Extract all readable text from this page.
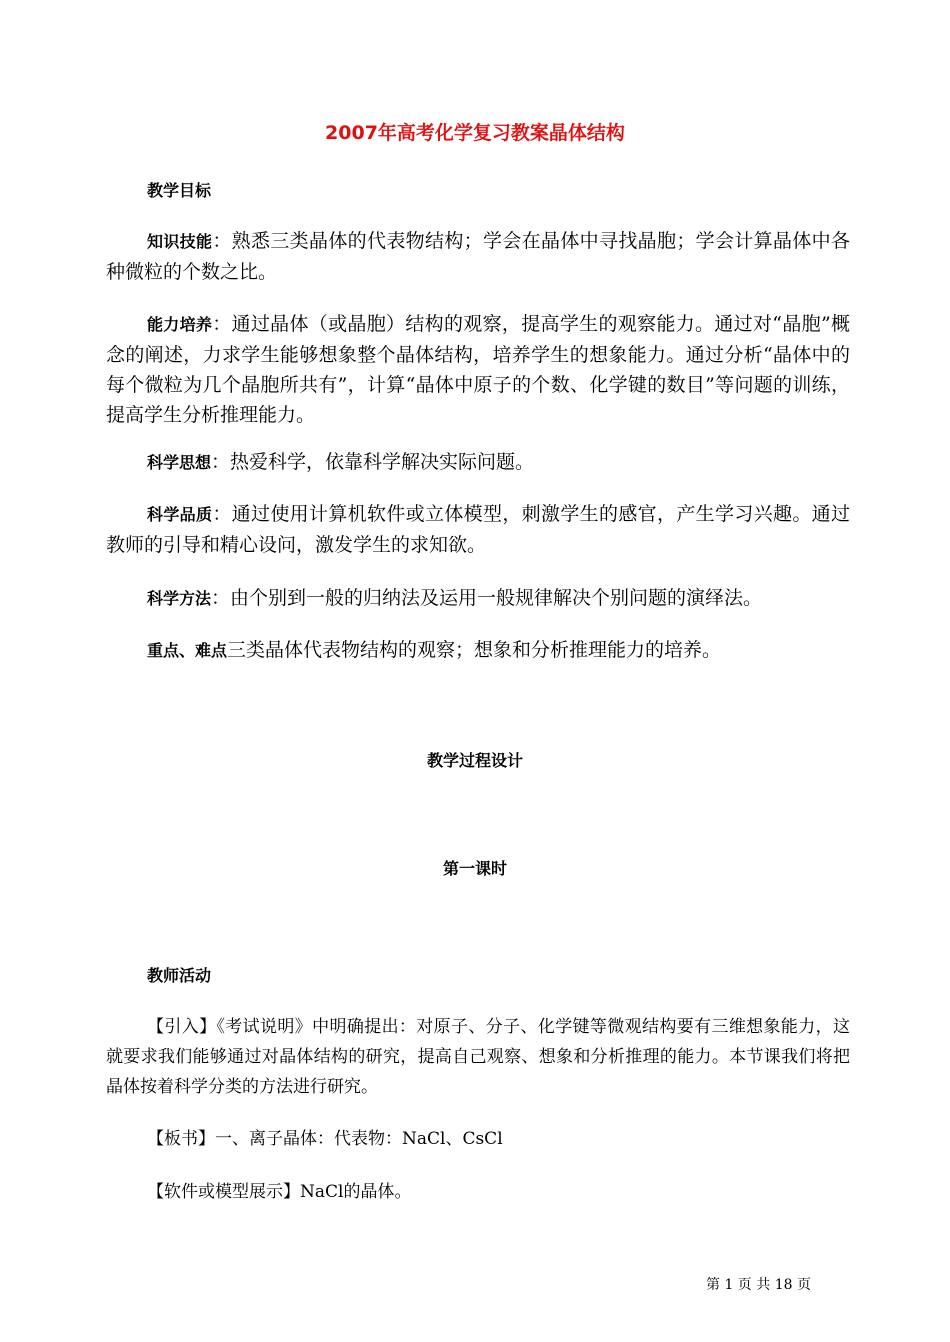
2007年高考化学复习教案晶体结构
教学目标

知识技能：熟悉三类晶体的代表物结构；学会在晶体中寻找晶胞；学会计算晶体中各种微粒的个数之比。

能力培养：通过晶体（或晶胞）结构的观察，提高学生的观察能力。通过对“晶胞”概念的阐述，力求学生能够想象整个晶体结构，培养学生的想象能力。通过分析“晶体中的每个微粒为几个晶胞所共有”，计算“晶体中原子的个数、化学键的数目”等问题的训练，提高学生分析推理能力。

科学思想：热爱科学，依靠科学解决实际问题。

科学品质：通过使用计算机软件或立体模型，刺激学生的感官，产生学习兴趣。通过教师的引导和精心设问，激发学生的求知欲。

科学方法：由个别到一般的归纳法及运用一般规律解决个别问题的演绎法。

重点、难点三类晶体代表物结构的观察；想象和分析推理能力的培养。

教学过程设计
第一课时
教师活动

【引入】《考试说明》中明确提出：对原子、分子、化学键等微观结构要有三维想象能力，这就要求我们能够通过对晶体结构的研究，提高自己观察、想象和分析推理的能力。本节课我们将把晶体按着科学分类的方法进行研究。

【板书】一、离子晶体：代表物：NaCl、CsCl

【软件或模型展示】NaCl的晶体。

第 1 页 共 18 页
